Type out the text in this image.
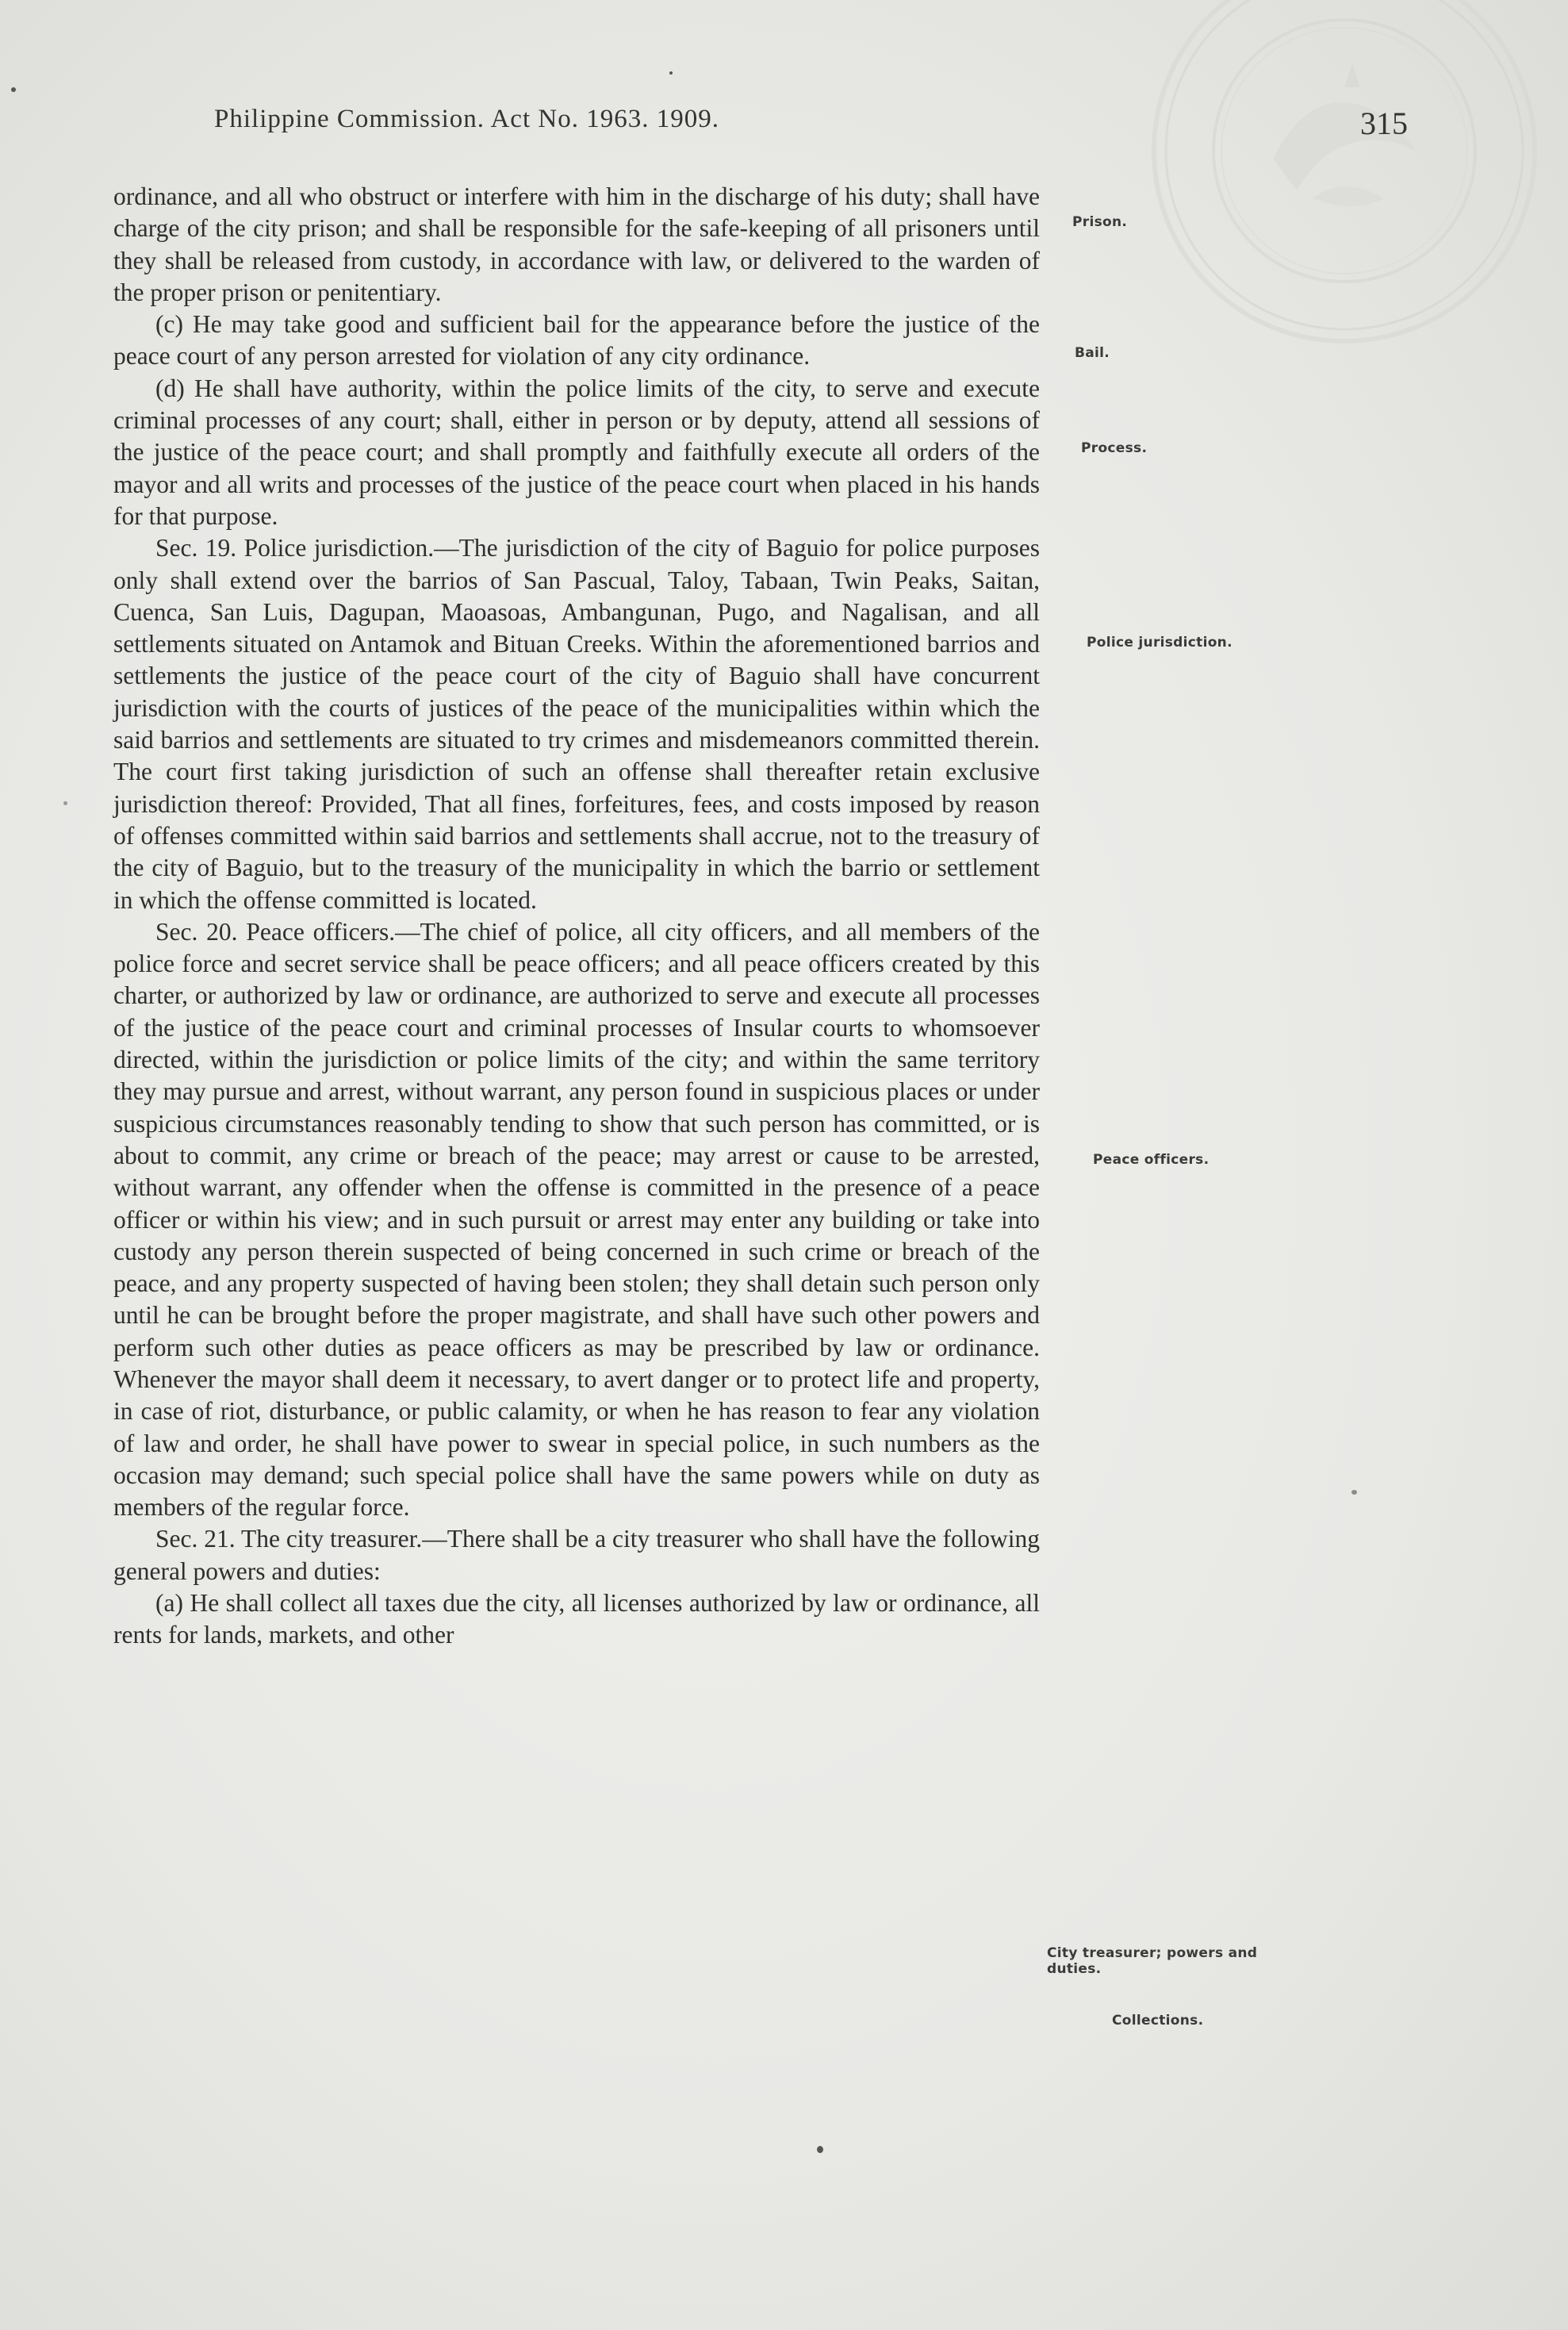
Philippine Commission. Act No. 1963. 1909.	315

ordinance, and all who obstruct or interfere with him in the discharge of his duty; shall have charge of the city prison; and shall be responsible for the safe-keeping of all prisoners until they shall be released from custody, in accordance with law, or delivered to the warden of the proper prison or penitentiary.

(c) He may take good and sufficient bail for the appearance before the justice of the peace court of any person arrested for violation of any city ordinance.

(d) He shall have authority, within the police limits of the city, to serve and execute criminal processes of any court; shall, either in person or by deputy, attend all sessions of the justice of the peace court; and shall promptly and faithfully execute all orders of the mayor and all writs and processes of the justice of the peace court when placed in his hands for that purpose.

Sec. 19. Police jurisdiction.—The jurisdiction of the city of Baguio for police purposes only shall extend over the barrios of San Pascual, Taloy, Tabaan, Twin Peaks, Saitan, Cuenca, San Luis, Dagupan, Maoasoas, Ambangunan, Pugo, and Nagalisan, and all settlements situated on Antamok and Bituan Creeks. Within the aforementioned barrios and settlements the justice of the peace court of the city of Baguio shall have concurrent jurisdiction with the courts of justices of the peace of the municipalities within which the said barrios and settlements are situated to try crimes and misdemeanors committed therein. The court first taking jurisdiction of such an offense shall thereafter retain exclusive jurisdiction thereof: Provided, That all fines, forfeitures, fees, and costs imposed by reason of offenses committed within said barrios and settlements shall accrue, not to the treasury of the city of Baguio, but to the treasury of the municipality in which the barrio or settlement in which the offense committed is located.

Sec. 20. Peace officers.—The chief of police, all city officers, and all members of the police force and secret service shall be peace officers; and all peace officers created by this charter, or authorized by law or ordinance, are authorized to serve and execute all processes of the justice of the peace court and criminal processes of Insular courts to whomsoever directed, within the jurisdiction or police limits of the city; and within the same territory they may pursue and arrest, without warrant, any person found in suspicious places or under suspicious circumstances reasonably tending to show that such person has committed, or is about to commit, any crime or breach of the peace; may arrest or cause to be arrested, without warrant, any offender when the offense is committed in the presence of a peace officer or within his view; and in such pursuit or arrest may enter any building or take into custody any person therein suspected of being concerned in such crime or breach of the peace, and any property suspected of having been stolen; they shall detain such person only until he can be brought before the proper magistrate, and shall have such other powers and perform such other duties as peace officers as may be prescribed by law or ordinance. Whenever the mayor shall deem it necessary, to avert danger or to protect life and property, in case of riot, disturbance, or public calamity, or when he has reason to fear any violation of law and order, he shall have power to swear in special police, in such numbers as the occasion may demand; such special police shall have the same powers while on duty as members of the regular force.

Sec. 21. The city treasurer.—There shall be a city treasurer who shall have the following general powers and duties:

(a) He shall collect all taxes due the city, all licenses authorized by law or ordinance, all rents for lands, markets, and other

Prison.
Bail.
Process.
Police jurisdiction.
Peace officers.
City treasurer; powers and duties.
Collections.
